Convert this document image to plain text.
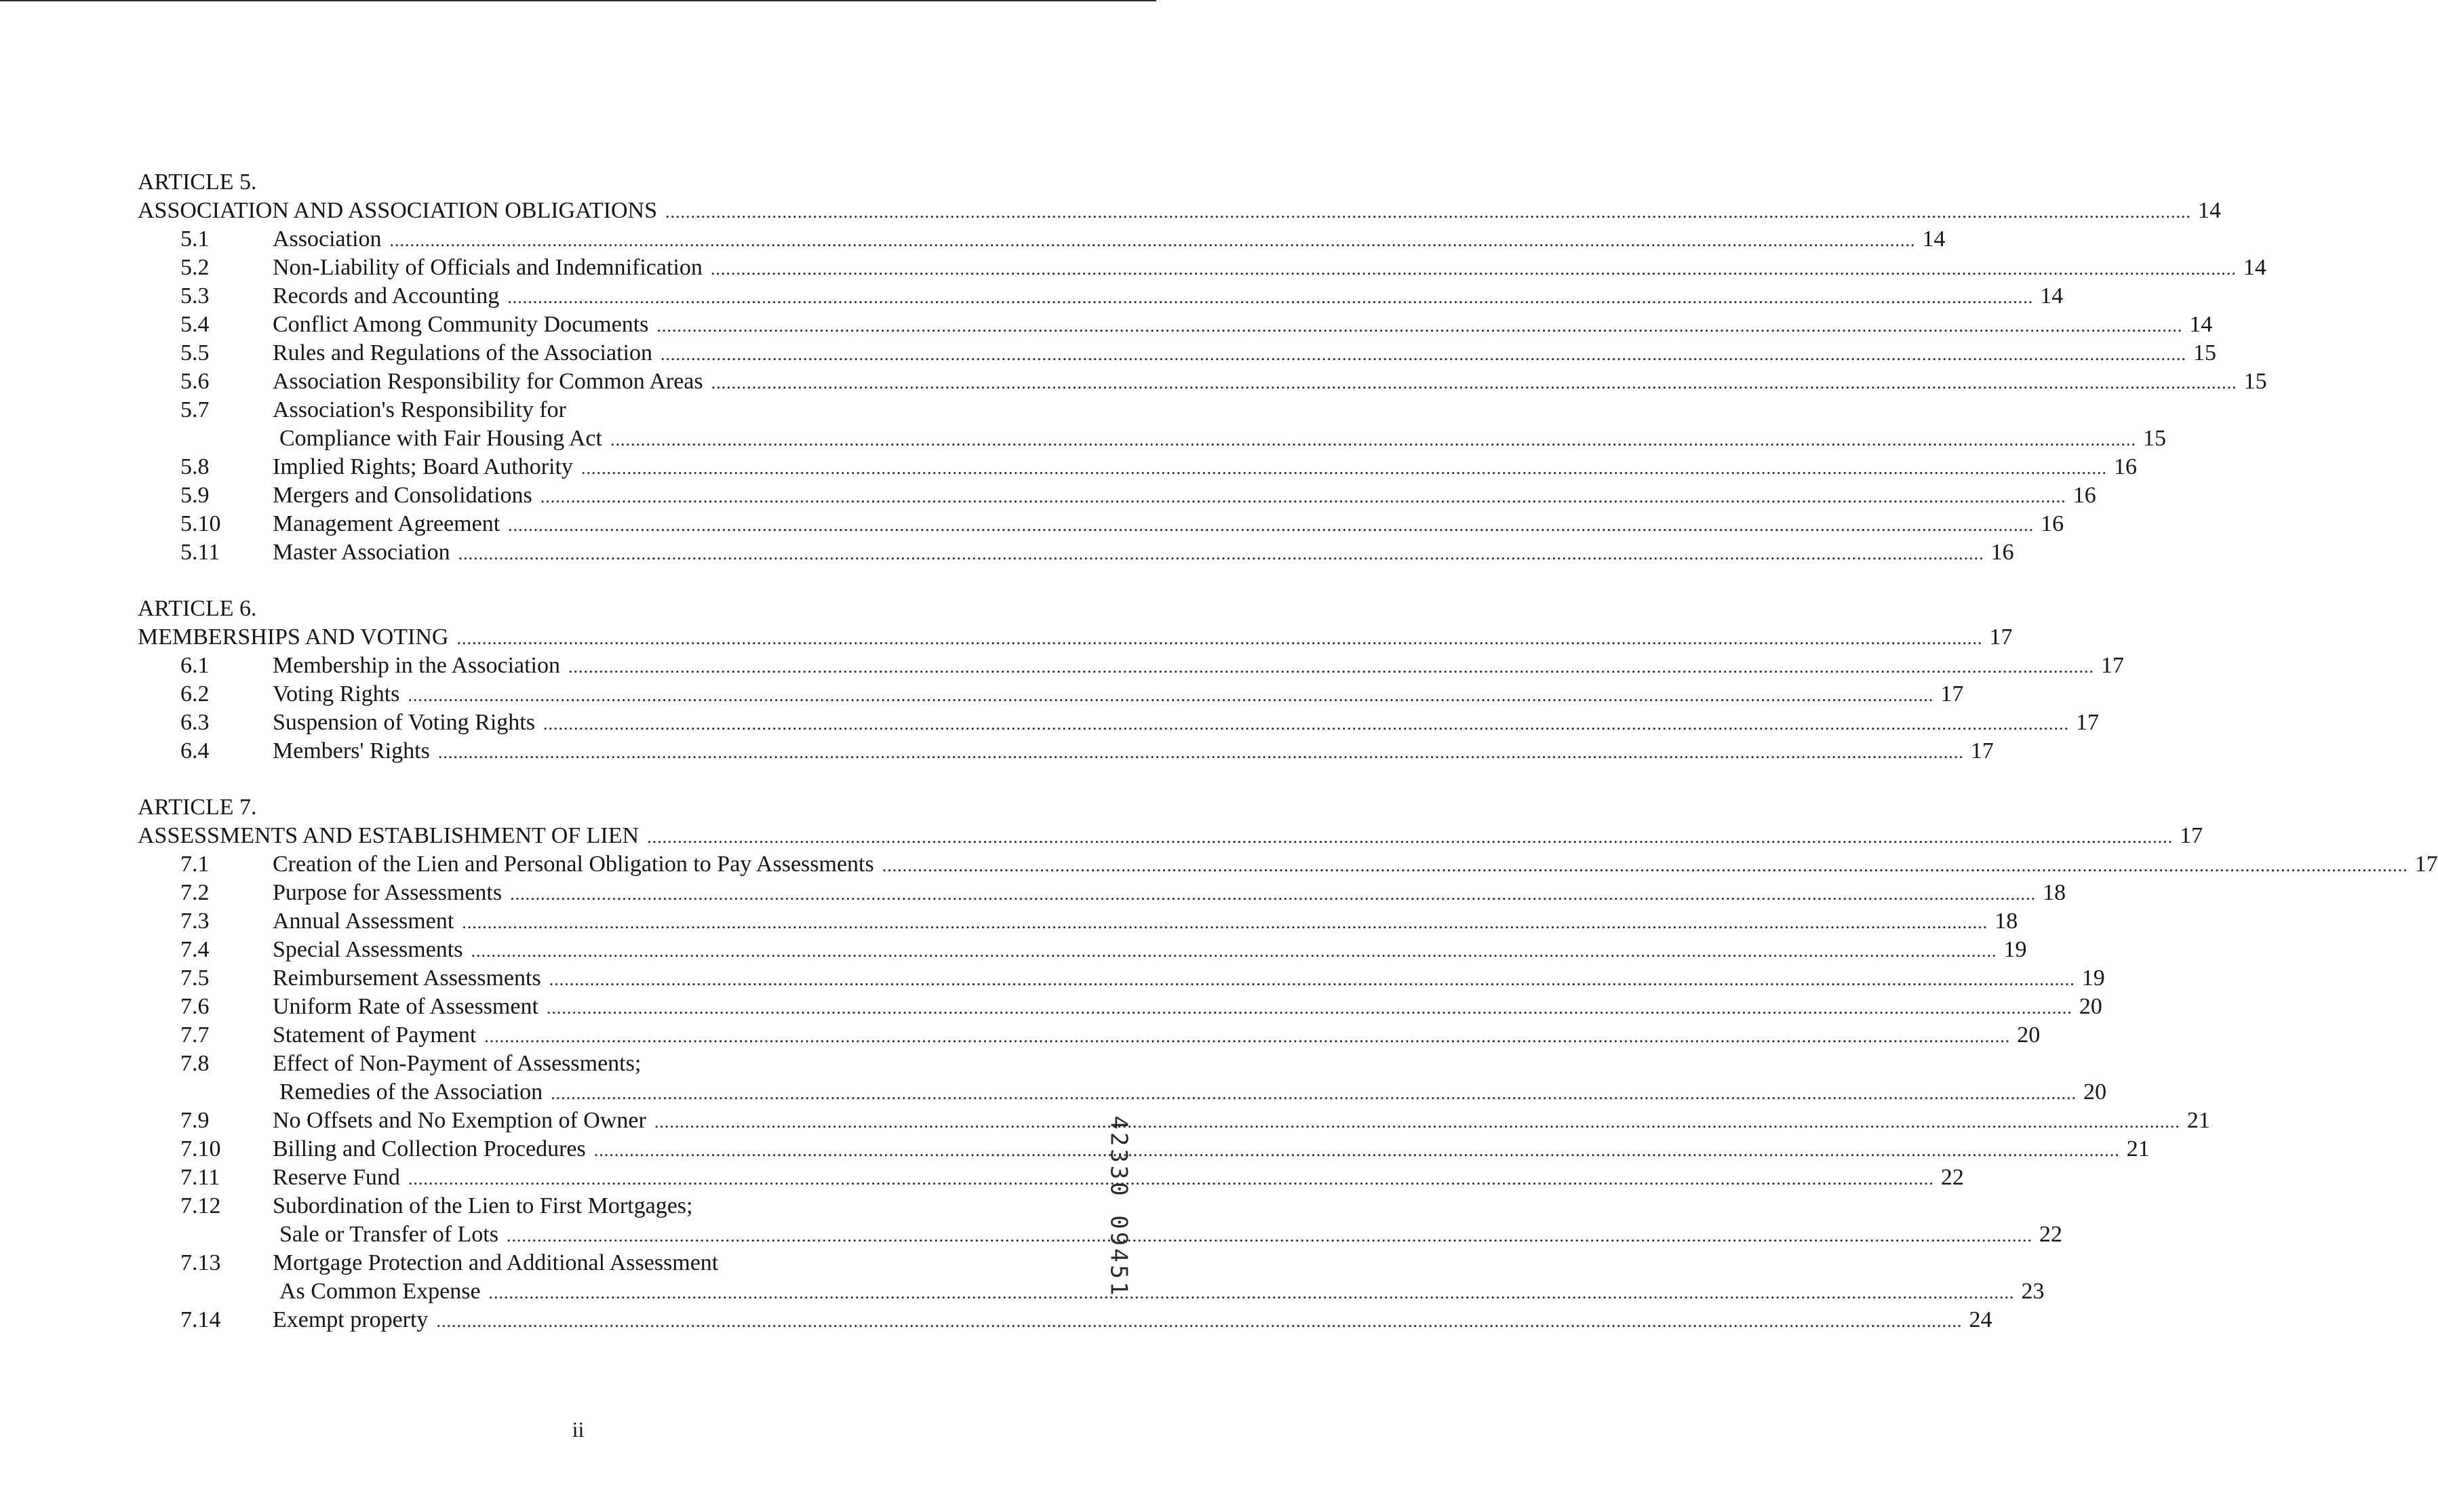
ARTICLE 5.
ASSOCIATION AND ASSOCIATION OBLIGATIONS ............................................................................................................................................................................................................................................................................................................ 14
5.1	Association ............................................................................................................................................................................................................................................................................................................ 14
5.2	Non-Liability of Officials and Indemnification ............................................................................................................................................................................................................................................................................................................ 14
5.3	Records and Accounting ............................................................................................................................................................................................................................................................................................................ 14
5.4	Conflict Among Community Documents ............................................................................................................................................................................................................................................................................................................ 14
5.5	Rules and Regulations of the Association ............................................................................................................................................................................................................................................................................................................ 15
5.6	Association Responsibility for Common Areas ............................................................................................................................................................................................................................................................................................................ 15
5.7	Association's Responsibility for
Compliance with Fair Housing Act ............................................................................................................................................................................................................................................................................................................ 15
5.8	Implied Rights; Board Authority ............................................................................................................................................................................................................................................................................................................ 16
5.9	Mergers and Consolidations ............................................................................................................................................................................................................................................................................................................ 16
5.10 Management Agreement ............................................................................................................................................................................................................................................................................................................ 16
5.11 Master Association ............................................................................................................................................................................................................................................................................................................ 16
ARTICLE 6.
MEMBERSHIPS AND VOTING ............................................................................................................................................................................................................................................................................................................ 17
6.1	Membership in the Association ............................................................................................................................................................................................................................................................................................................ 17
6.2	Voting Rights ............................................................................................................................................................................................................................................................................................................ 17
6.3	Suspension of Voting Rights ............................................................................................................................................................................................................................................................................................................ 17
6.4	Members' Rights ............................................................................................................................................................................................................................................................................................................ 17
ARTICLE 7.
ASSESSMENTS AND ESTABLISHMENT OF LIEN ............................................................................................................................................................................................................................................................................................................ 17
7.1	Creation of the Lien and Personal Obligation to Pay Assessments ............................................................................................................................................................................................................................................................................................................ 17
7.2	Purpose for Assessments ............................................................................................................................................................................................................................................................................................................ 18
7.3	Annual Assessment ............................................................................................................................................................................................................................................................................................................ 18
7.4	Special Assessments ............................................................................................................................................................................................................................................................................................................ 19
7.5	Reimbursement Assessments ............................................................................................................................................................................................................................................................................................................ 19
7.6	Uniform Rate of Assessment ............................................................................................................................................................................................................................................................................................................ 20
7.7	Statement of Payment ............................................................................................................................................................................................................................................................................................................ 20
7.8	Effect of Non-Payment of Assessments;
Remedies of the Association ............................................................................................................................................................................................................................................................................................................ 20
7.9	No Offsets and No Exemption of Owner ............................................................................................................................................................................................................................................................................................................ 21
7.10 Billing and Collection Procedures ............................................................................................................................................................................................................................................................................................................ 21
7.11 Reserve Fund ............................................................................................................................................................................................................................................................................................................ 22
7.12 Subordination of the Lien to First Mortgages;
Sale or Transfer of Lots ............................................................................................................................................................................................................................................................................................................ 22
7.13 Mortgage Protection and Additional Assessment
As Common Expense ............................................................................................................................................................................................................................................................................................................ 23
7.14 Exempt property ............................................................................................................................................................................................................................................................................................................ 24
ii
42330 09451
